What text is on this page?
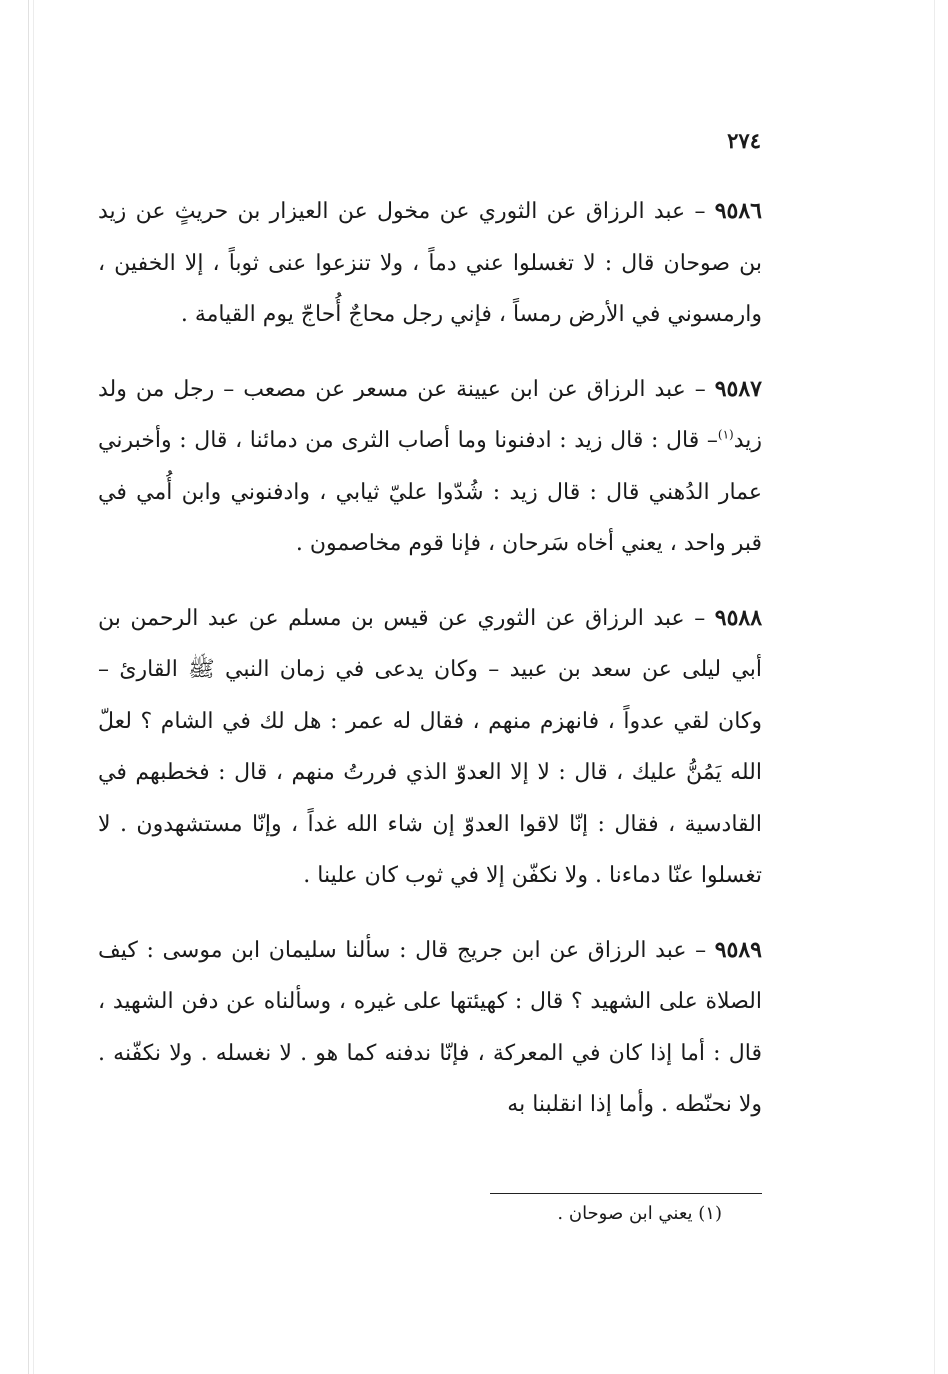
٢٧٤

٩٥٨٦ – عبد الرزاق عن الثوري عن مخول عن العيزار بن حريثٍ عن زيد بن صوحان قال : لا تغسلوا عني دماً ، ولا تنزعوا عنى ثوباً ، إلا الخفين ، وارمسوني في الأرض رمساً ، فإني رجل محاجٌ أُحاجّ يوم القيامة .

٩٥٨٧ – عبد الرزاق عن ابن عيينة عن مسعر عن مصعب – رجل من ولد زيد$^{(١)}$– قال : قال زيد : ادفنونا وما أصاب الثرى من دمائنا ، قال : وأخبرني عمار الدُهني قال : قال زيد : شُدّوا عليّ ثيابي ، وادفنوني وابن أُمي في قبر واحد ، يعني أخاه سَرحان ، فإنا قوم مخاصمون .

٩٥٨٨ – عبد الرزاق عن الثوري عن قيس بن مسلم عن عبد الرحمن بن أبي ليلى عن سعد بن عبيد – وكان يدعى في زمان النبي ﷺ القارئ – وكان لقي عدواً ، فانهزم منهم ، فقال له عمر : هل لك في الشام ؟ لعلّ الله يَمُنُّ عليك ، قال : لا إلا العدوّ الذي فررتُ منهم ، قال : فخطبهم في القادسية ، فقال : إنّا لاقوا العدوّ إن شاء الله غداً ، وإنّا مستشهدون . لا تغسلوا عنّا دماءنا . ولا نكفّن إلا في ثوب كان علينا .

٩٥٨٩ – عبد الرزاق عن ابن جريج قال : سألنا سليمان ابن موسى : كيف الصلاة على الشهيد ؟ قال : كهيئتها على غيره ، وسألناه عن دفن الشهيد ، قال : أما إذا كان في المعركة ، فإنّا ندفنه كما هو . لا نغسله . ولا نكفّنه . ولا نحنّطه . وأما إذا انقلبنا به

(١) يعني ابن صوحان .
